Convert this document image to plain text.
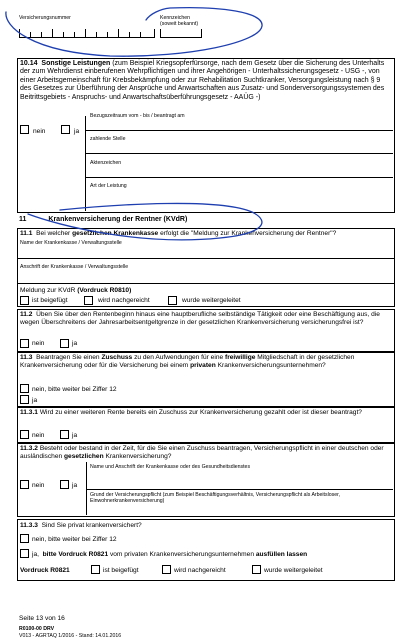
Versicherungsnummer	Kennzeichen (soweit bekannt)
10.14 Sonstige Leistungen (zum Beispiel Kriegsopferfürsorge, nach dem Gesetz über die Sicherung des Unterhalts der zum Wehrdienst einberufenen Wehrpflichtigen und ihrer Angehörigen - Unterhaltssicherungsgesetz - USG -, von einer Arbeitsgemeinschaft für Krebsbekämpfung oder zur Rehabilitation Suchtkranker, Versorgungsleistung nach § 9 des Gesetzes zur Überführung der Ansprüche und Anwartschaften aus Zusatz- und Sonderversorgungssystemen des Beitrittsgebiets - Anspruchs- und Anwartschaftsüberführungsgesetz - AAÜG -)
nein	ja
Bezugszeitraum vom - bis / beantragt am
zahlende Stelle
Aktenzeichen
Art der Leistung
11	Krankenversicherung der Rentner (KVdR)
11.1 Bei welcher gesetzlichen Krankenkasse erfolgt die "Meldung zur Krankenversicherung der Rentner"?
Name der Krankenkasse / Verwaltungsstelle
Anschrift der Krankenkasse / Verwaltungsstelle
Meldung zur KVdR (Vordruck R0810)
ist beigefügt	wird nachgereicht	wurde weitergeleitet
11.2 Üben Sie über den Rentenbeginn hinaus eine hauptberufliche selbständige Tätigkeit oder eine Beschäftigung aus, die wegen Überschreitens der Jahresarbeitsentgeltgrenze in der gesetzlichen Krankenversicherung versicherungsfrei ist?
nein	ja
11.3 Beantragen Sie einen Zuschuss zu den Aufwendungen für eine freiwillige Mitgliedschaft in der gesetzlichen Krankenversicherung oder für die Versicherung bei einem privaten Krankenversicherungsunternehmen?
nein, bitte weiter bei Ziffer 12
ja
11.3.1 Wird zu einer weiteren Rente bereits ein Zuschuss zur Krankenversicherung gezahlt oder ist dieser beantragt?
nein	ja
11.3.2 Besteht oder bestand in der Zeit, für die Sie einen Zuschuss beantragen, Versicherungspflicht in einer deutschen oder ausländischen gesetzlichen Krankenversicherung?
nein	ja
Name und Anschrift der Krankenkasse oder des Gesundheitsdienstes
Grund der Versicherungspflicht (zum Beispiel Beschäftigungsverhältnis, Versicherungspflicht als Arbeitsloser, Einwohnerkrankenversicherung)
11.3.3 Sind Sie privat krankenversichert?
nein, bitte weiter bei Ziffer 12
ja, bitte Vordruck R0821 vom privaten Krankenversicherungsunternehmen ausfüllen lassen
Vordruck R0821	ist beigefügt	wird nachgereicht	wurde weitergeleitet
Seite 13 von 16
R0100-00 DRV
V013 - AGRTAQ 1/2016 - Stand: 14.01.2016
